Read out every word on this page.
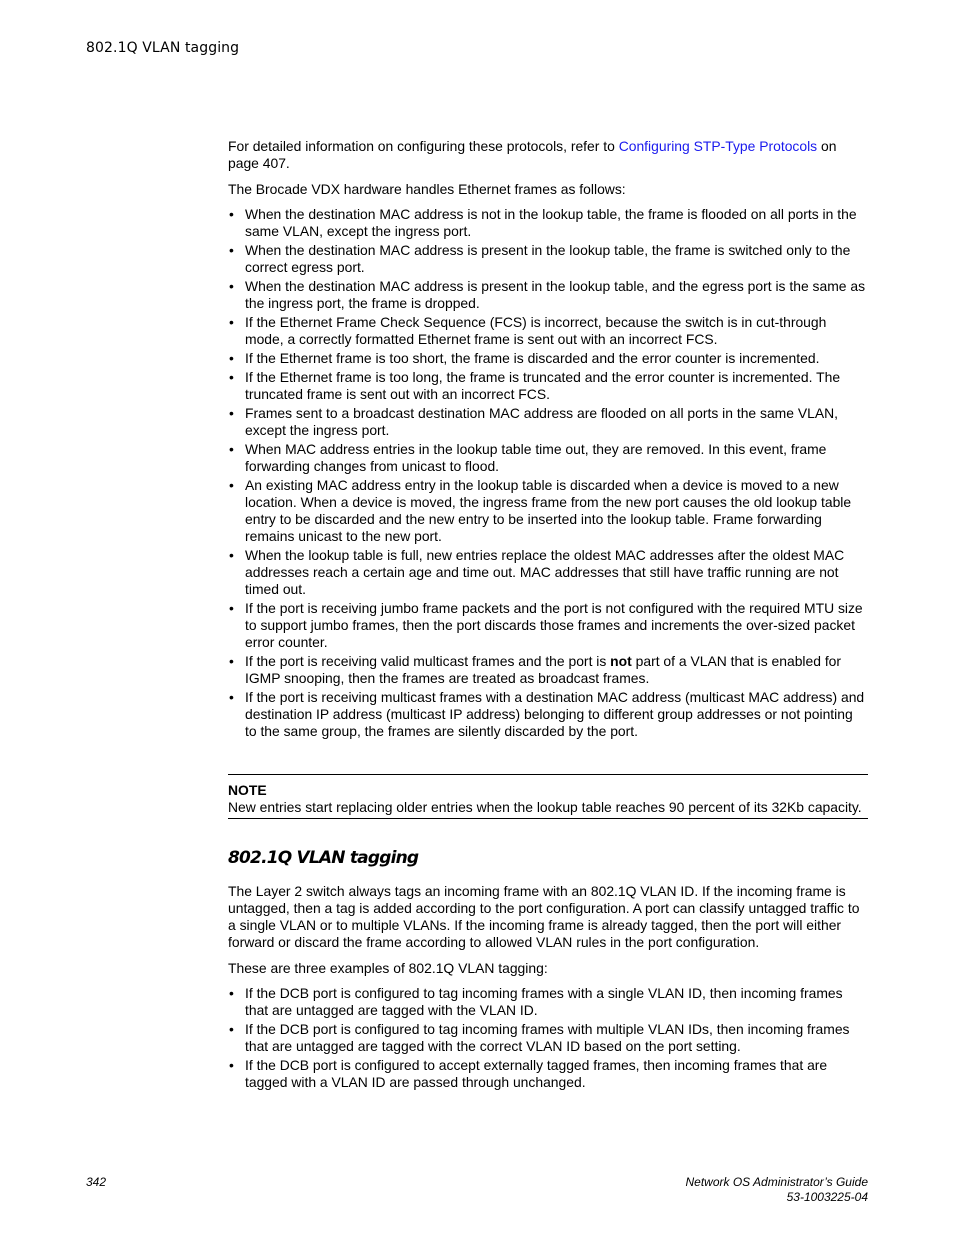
802.1Q VLAN tagging

For detailed information on configuring these protocols, refer to Configuring STP-Type Protocols on page 407.

The Brocade VDX hardware handles Ethernet frames as follows:

• When the destination MAC address is not in the lookup table, the frame is flooded on all ports in the same VLAN, except the ingress port.
• When the destination MAC address is present in the lookup table, the frame is switched only to the correct egress port.
• When the destination MAC address is present in the lookup table, and the egress port is the same as the ingress port, the frame is dropped.
• If the Ethernet Frame Check Sequence (FCS) is incorrect, because the switch is in cut-through mode, a correctly formatted Ethernet frame is sent out with an incorrect FCS.
• If the Ethernet frame is too short, the frame is discarded and the error counter is incremented.
• If the Ethernet frame is too long, the frame is truncated and the error counter is incremented. The truncated frame is sent out with an incorrect FCS.
• Frames sent to a broadcast destination MAC address are flooded on all ports in the same VLAN, except the ingress port.
• When MAC address entries in the lookup table time out, they are removed. In this event, frame forwarding changes from unicast to flood.
• An existing MAC address entry in the lookup table is discarded when a device is moved to a new location. When a device is moved, the ingress frame from the new port causes the old lookup table entry to be discarded and the new entry to be inserted into the lookup table. Frame forwarding remains unicast to the new port.
• When the lookup table is full, new entries replace the oldest MAC addresses after the oldest MAC addresses reach a certain age and time out. MAC addresses that still have traffic running are not timed out.
• If the port is receiving jumbo frame packets and the port is not configured with the required MTU size to support jumbo frames, then the port discards those frames and increments the over-sized packet error counter.
• If the port is receiving valid multicast frames and the port is not part of a VLAN that is enabled for IGMP snooping, then the frames are treated as broadcast frames.
• If the port is receiving multicast frames with a destination MAC address (multicast MAC address) and destination IP address (multicast IP address) belonging to different group addresses or not pointing to the same group, the frames are silently discarded by the port.
NOTE

New entries start replacing older entries when the lookup table reaches 90 percent of its 32Kb capacity.

802.1Q VLAN tagging

The Layer 2 switch always tags an incoming frame with an 802.1Q VLAN ID. If the incoming frame is untagged, then a tag is added according to the port configuration. A port can classify untagged traffic to a single VLAN or to multiple VLANs. If the incoming frame is already tagged, then the port will either forward or discard the frame according to allowed VLAN rules in the port configuration.

These are three examples of 802.1Q VLAN tagging:

• If the DCB port is configured to tag incoming frames with a single VLAN ID, then incoming frames that are untagged are tagged with the VLAN ID.
• If the DCB port is configured to tag incoming frames with multiple VLAN IDs, then incoming frames that are untagged are tagged with the correct VLAN ID based on the port setting.
• If the DCB port is configured to accept externally tagged frames, then incoming frames that are tagged with a VLAN ID are passed through unchanged.
342	Network OS Administrator’s Guide
53-1003225-04
